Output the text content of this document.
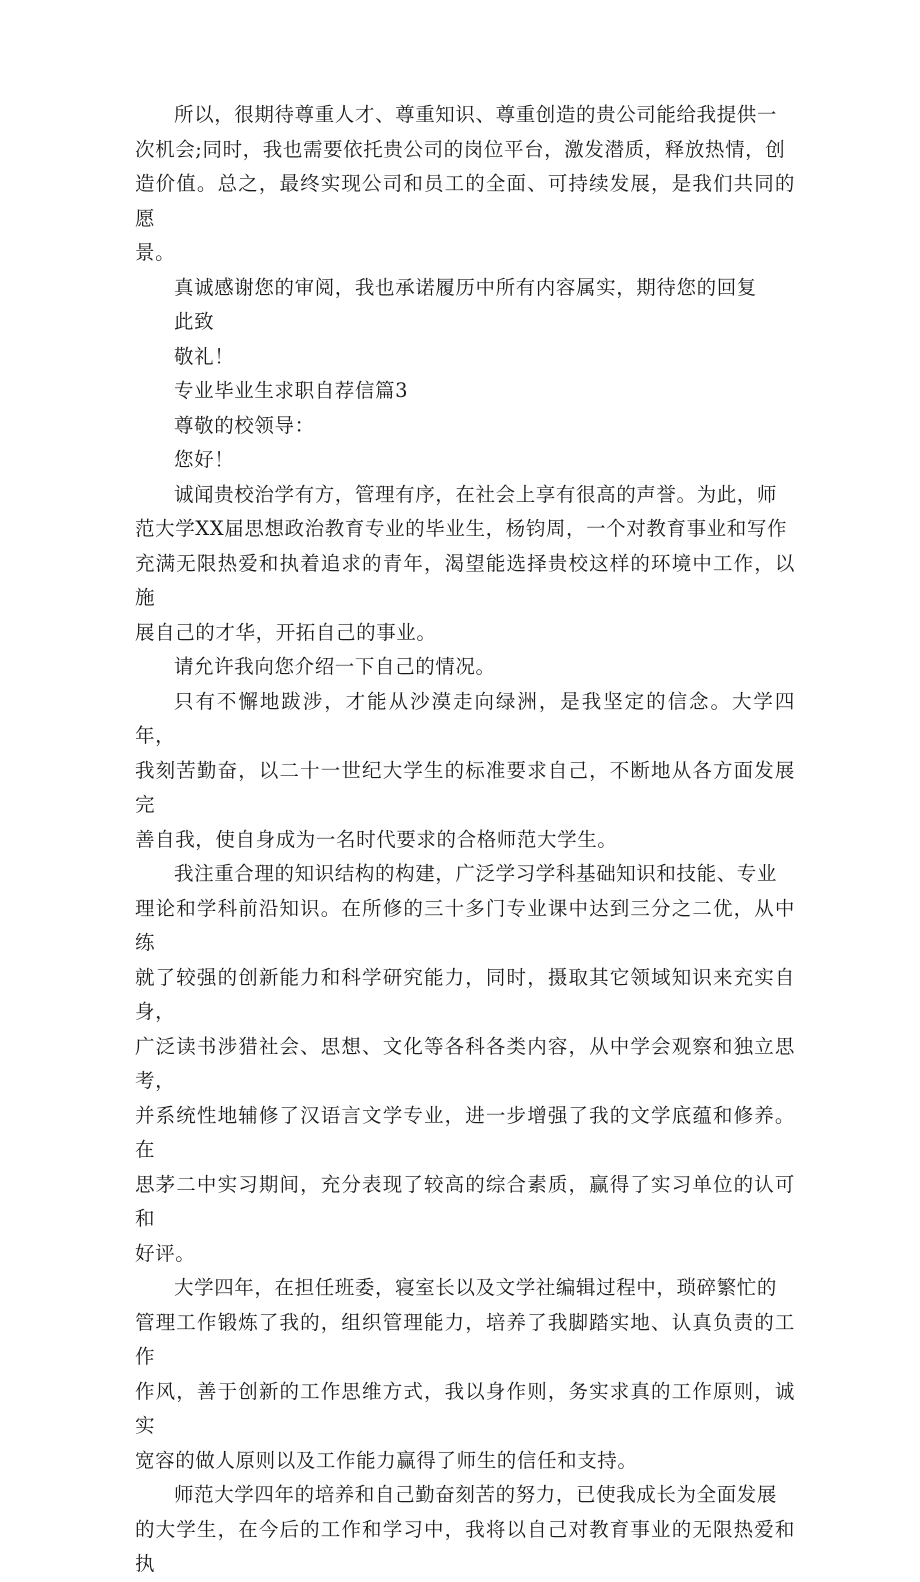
所以，很期待尊重人才、尊重知识、尊重创造的贵公司能给我提供一
次机会;同时，我也需要依托贵公司的岗位平台，激发潜质，释放热情，创
造价值。总之，最终实现公司和员工的全面、可持续发展，是我们共同的愿
景。

真诚感谢您的审阅，我也承诺履历中所有内容属实，期待您的回复

此致

敬礼！

专业毕业生求职自荐信篇3

尊敬的校领导：

您好！

诚闻贵校治学有方，管理有序，在社会上享有很高的声誉。为此，师
范大学XX届思想政治教育专业的毕业生，杨钧周，一个对教育事业和写作
充满无限热爱和执着追求的青年，渴望能选择贵校这样的环境中工作，以施
展自己的才华，开拓自己的事业。

请允许我向您介绍一下自己的情况。

只有不懈地跋涉，才能从沙漠走向绿洲，是我坚定的信念。大学四年，
我刻苦勤奋，以二十一世纪大学生的标准要求自己，不断地从各方面发展完
善自我，使自身成为一名时代要求的合格师范大学生。

我注重合理的知识结构的构建，广泛学习学科基础知识和技能、专业
理论和学科前沿知识。在所修的三十多门专业课中达到三分之二优，从中练
就了较强的创新能力和科学研究能力，同时，摄取其它领域知识来充实自身，
广泛读书涉猎社会、思想、文化等各科各类内容，从中学会观察和独立思考，
并系统性地辅修了汉语言文学专业，进一步增强了我的文学底蕴和修养。在
思茅二中实习期间，充分表现了较高的综合素质，赢得了实习单位的认可和
好评。

大学四年，在担任班委，寝室长以及文学社编辑过程中，琐碎繁忙的
管理工作锻炼了我的，组织管理能力，培养了我脚踏实地、认真负责的工作
作风，善于创新的工作思维方式，我以身作则，务实求真的工作原则，诚实
宽容的做人原则以及工作能力赢得了师生的信任和支持。

师范大学四年的培养和自己勤奋刻苦的努力，已使我成长为全面发展
的大学生，在今后的工作和学习中，我将以自己对教育事业的无限热爱和执
